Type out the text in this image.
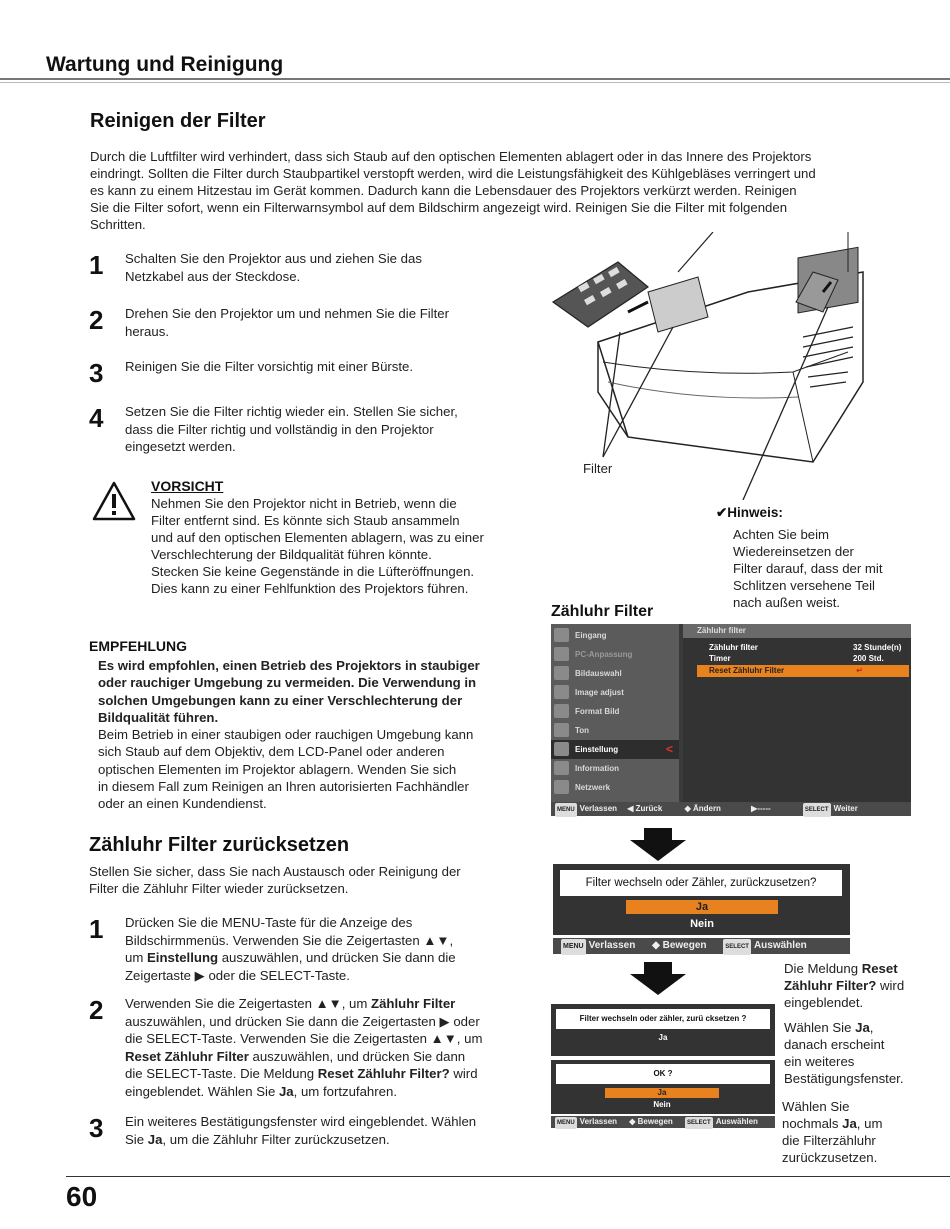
Wartung und Reinigung
Reinigen der Filter
Durch die Luftfilter wird verhindert, dass sich Staub auf den optischen Elementen ablagert oder in das Innere des Projektors
eindringt. Sollten die Filter durch Staubpartikel verstopft werden, wird die Leistungsfähigkeit des Kühlgebläses verringert und
es kann zu einem Hitzestau im Gerät kommen. Dadurch kann die Lebensdauer des Projektors verkürzt werden. Reinigen
Sie die Filter sofort, wenn ein Filterwarnsymbol auf dem Bildschirm angezeigt wird. Reinigen Sie die Filter mit folgenden
Schritten.
1 Schalten Sie den Projektor aus und ziehen Sie das
Netzkabel aus der Steckdose.
2 Drehen Sie den Projektor um und nehmen Sie die Filter
heraus.
3 Reinigen Sie die Filter vorsichtig mit einer Bürste.
4 Setzen Sie die Filter richtig wieder ein. Stellen Sie sicher,
dass die Filter richtig und vollständig in den Projektor
eingesetzt werden.
Filter
VORSICHT
Nehmen Sie den Projektor nicht in Betrieb, wenn die
Filter entfernt sind. Es könnte sich Staub ansammeln
und auf den optischen Elementen ablagern, was zu einer
Verschlechterung der Bildqualität führen könnte.
Stecken Sie keine Gegenstände in die Lüfteröffnungen.
Dies kann zu einer Fehlfunktion des Projektors führen.
✔Hinweis:
Achten Sie beim
Wiedereinsetzen der
Filter darauf, dass der mit
Schlitzen versehene Teil
nach außen weist.
EMPFEHLUNG
Es wird empfohlen, einen Betrieb des Projektors in staubiger
oder rauchiger Umgebung zu vermeiden. Die Verwendung in
solchen Umgebungen kann zu einer Verschlechterung der
Bildqualität führen.
Beim Betrieb in einer staubigen oder rauchigen Umgebung kann
sich Staub auf dem Objektiv, dem LCD-Panel oder anderen
optischen Elementen im Projektor ablagern. Wenden Sie sich
in diesem Fall zum Reinigen an Ihren autorisierten Fachhändler
oder an einen Kundendienst.
Zähluhr Filter
Eingang
PC-Anpassung
Bildauswahl
Image adjust
Format Bild
Ton
Einstellung	<
Information
Netzwerk
Zähluhr filter
Zähluhr filter	32 Stunde(n)
Timer	200 Std.
Reset Zähluhr Filter	↵
MENU Verlassen ◀ Zurück	◆ Ändern	▶-----	SELECT Weiter
Filter wechseln oder Zähler, zurückzusetzen?
Ja
Nein
MENU Verlassen ◆ Bewegen	SELECT Auswählen
Filter wechseln oder zähler, zurü cksetzen ?
Ja
OK ?
Ja
Nein
MENU Verlassen ◆ Bewegen SELECT Auswählen
Die Meldung Reset
Zähluhr Filter? wird
eingeblendet.
Wählen Sie Ja,
danach erscheint
ein weiteres
Bestätigungsfenster.
Wählen Sie
nochmals Ja, um
die Filterzähluhr
zurückzusetzen.
Zähluhr Filter zurücksetzen
Stellen Sie sicher, dass Sie nach Austausch oder Reinigung der
Filter die Zähluhr Filter wieder zurücksetzen.
1 Drücken Sie die MENU-Taste für die Anzeige des
Bildschirmmenüs. Verwenden Sie die Zeigertasten ▲▼,
um Einstellung auszuwählen, und drücken Sie dann die
Zeigertaste ▶ oder die SELECT-Taste.
2 Verwenden Sie die Zeigertasten ▲▼, um Zähluhr Filter
auszuwählen, und drücken Sie dann die Zeigertasten ▶ oder
die SELECT-Taste. Verwenden Sie die Zeigertasten ▲▼, um
Reset Zähluhr Filter auszuwählen, und drücken Sie dann
die SELECT-Taste. Die Meldung Reset Zähluhr Filter? wird
eingeblendet. Wählen Sie Ja, um fortzufahren.
3 Ein weiteres Bestätigungsfenster wird eingeblendet. Wählen
Sie Ja, um die Zähluhr Filter zurückzusetzen.
60
